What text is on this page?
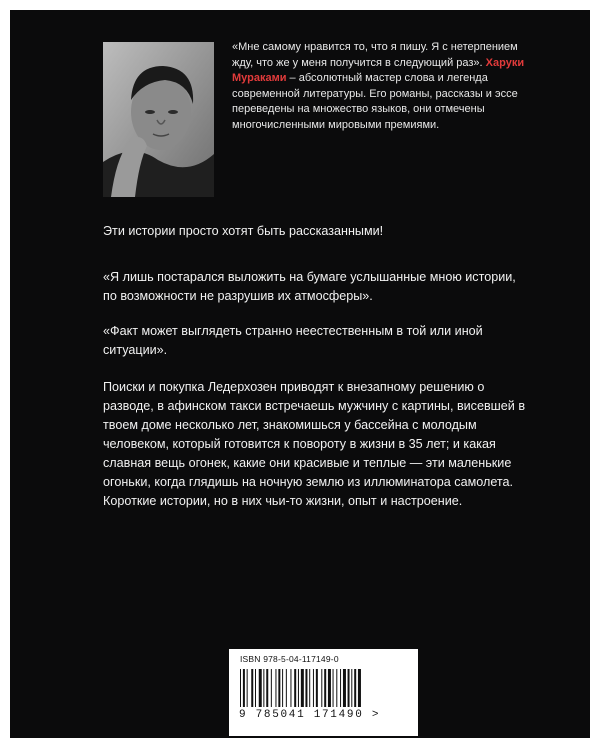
«Мне самому нравится то, что я пишу. Я с нетерпением жду, что же у меня получится в следующий раз». Харуки Мураками – абсолютный мастер слова и легенда современной литературы. Его романы, рассказы и эссе переведены на множество языков, они отмечены многочисленными мировыми премиями.

Эти истории просто хотят быть рассказанными!

«Я лишь постарался выложить на бумаге услышанные мною истории, по возможности не разрушив их атмосферы».

«Факт может выглядеть странно неестественным в той или иной ситуации».

Поиски и покупка Ледерхозен приводят к внезапному решению о разводе, в афинском такси встречаешь мужчину с картины, висевшей в твоем доме несколько лет, знакомишься у бассейна с молодым человеком, который готовится к повороту в жизни в 35 лет; и какая славная вещь огонек, какие они красивые и теплые — эти маленькие огоньки, когда глядишь на ночную землю из иллюминатора самолета. Короткие истории, но в них чьи-то жизни, опыт и настроение.

ISBN 978-5-04-117149-0
9 785041 171490 >
